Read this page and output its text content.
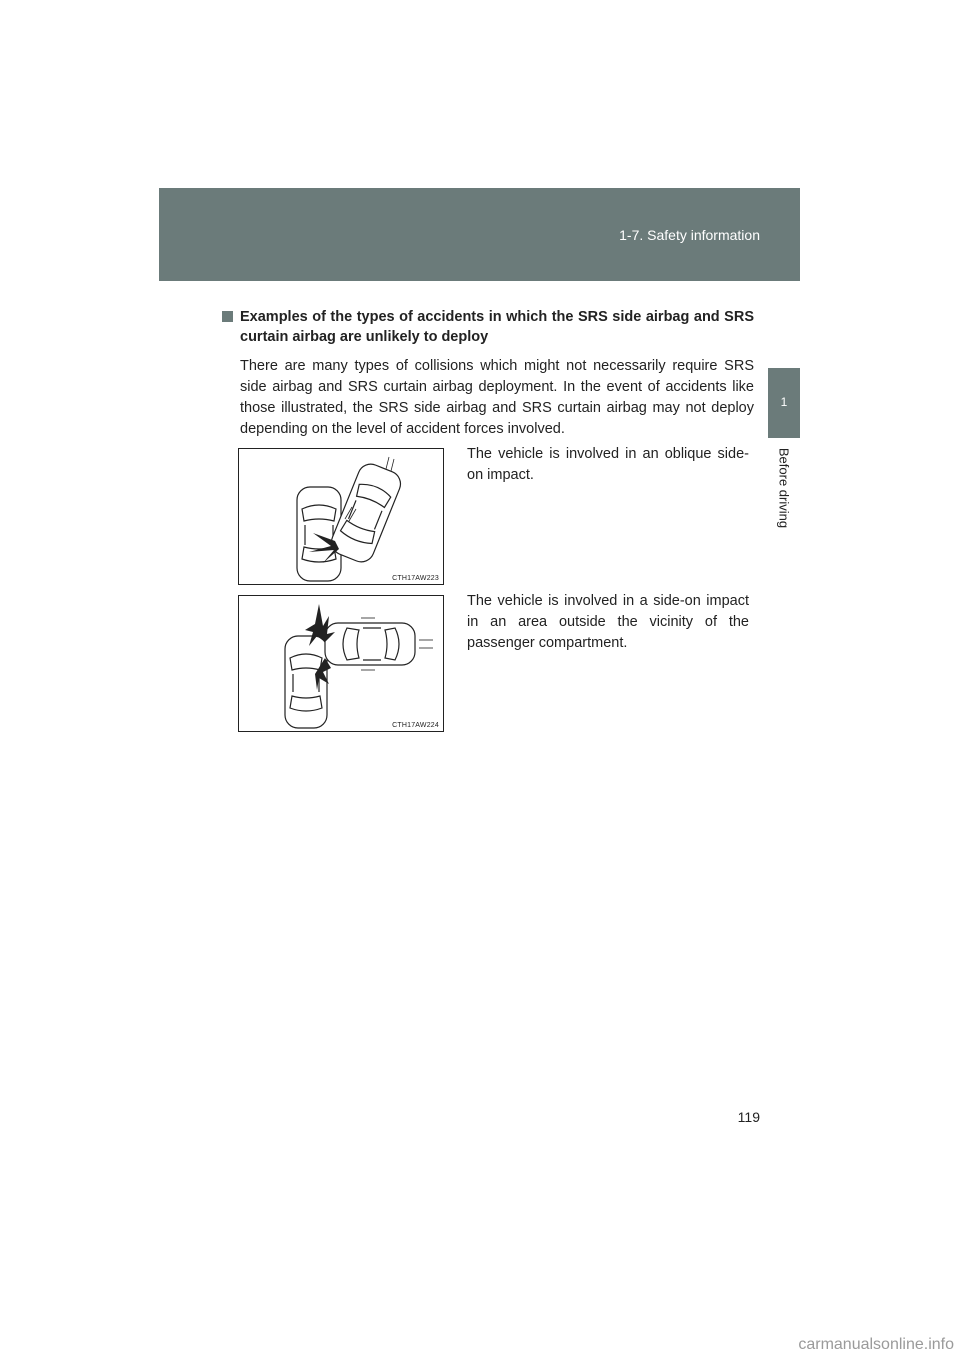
1-7. Safety information
1
Before driving

Examples of the types of accidents in which the SRS side airbag and SRS curtain airbag are unlikely to deploy

There are many types of collisions which might not necessarily require SRS side airbag and SRS curtain airbag deployment. In the event of accidents like those illustrated, the SRS side airbag and SRS curtain airbag may not deploy depending on the level of accident forces involved.

CTH17AW223
The vehicle is involved in an oblique side-on impact.
CTH17AW224
The vehicle is involved in a side-on impact in an area outside the vicinity of the passenger compartment.
119
carmanualsonline.info
